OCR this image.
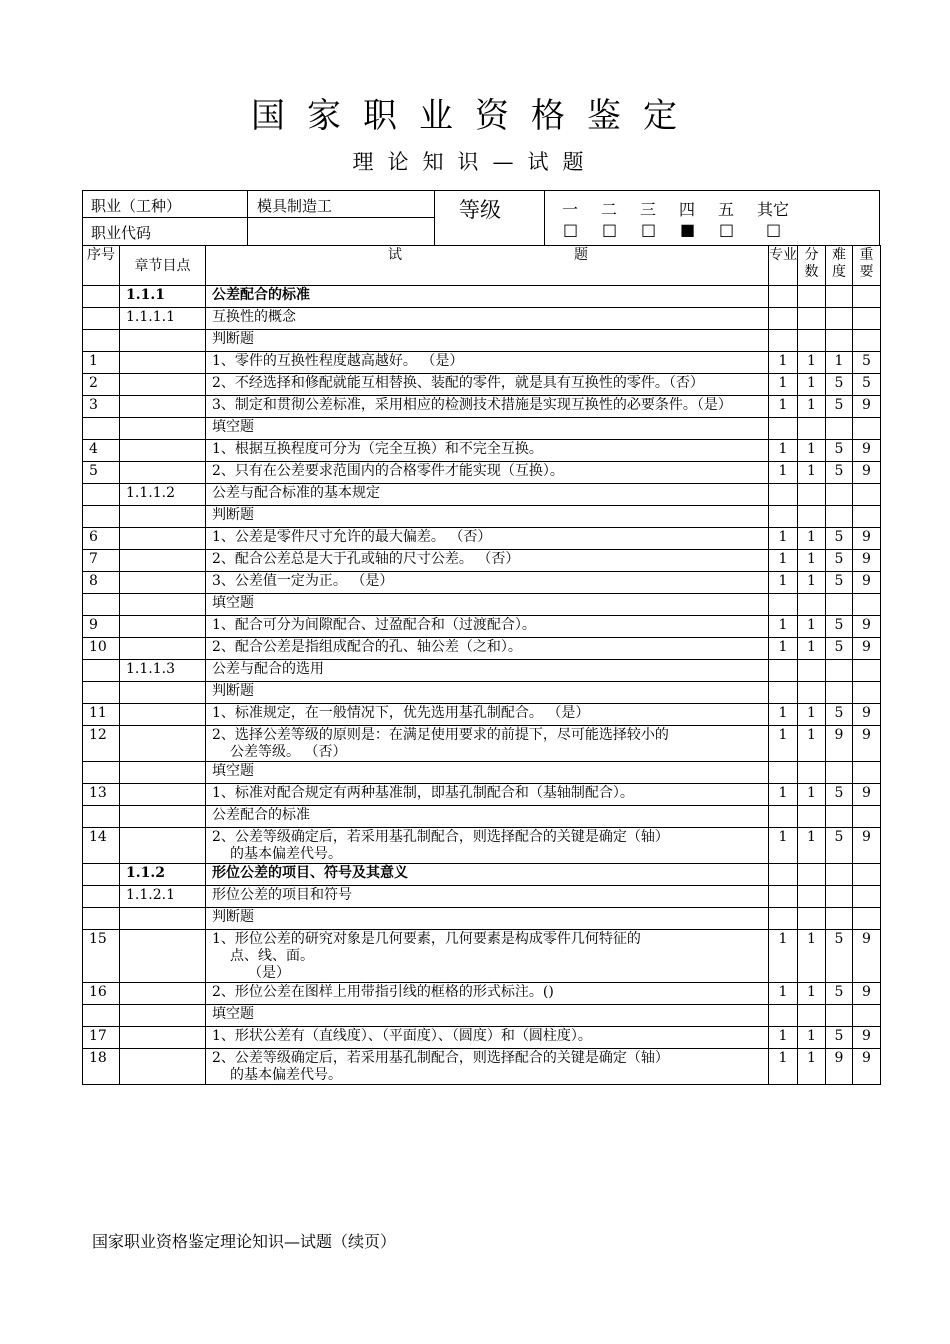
国家职业资格鉴定
理论知识—试题
职业（工种）	模具制造工
职业代码
等级	一 二 三 四 五 其它
□ □ □ ■ □ □
序号	章节目点	试 题	专业	分数	难度	重要
	1.1.1	公差配合的标准				
	1.1.1.1	互换性的概念				
		判断题				
1		1、零件的互换性程度越高越好。 （是）	1	1	1	5
2		2、不经选择和修配就能互相替换、装配的零件，就是具有互换性的零件。（否）	1	1	5	5
3		3、制定和贯彻公差标准，采用相应的检测技术措施是实现互换性的必要条件。（是）	1	1	5	9
		填空题				
4		1、根据互换程度可分为（完全互换）和不完全互换。	1	1	5	9
5		2、只有在公差要求范围内的合格零件才能实现（互换）。	1	1	5	9
	1.1.1.2	公差与配合标准的基本规定				
		判断题				
6		1、公差是零件尺寸允许的最大偏差。 （否）	1	1	5	9
7		2、配合公差总是大于孔或轴的尺寸公差。 （否）	1	1	5	9
8		3、公差值一定为正。 （是）	1	1	5	9
		填空题				
9		1、配合可分为间隙配合、过盈配合和（过渡配合）。	1	1	5	9
10		2、配合公差是指组成配合的孔、轴公差（之和）。	1	1	5	9
	1.1.1.3	公差与配合的选用				
		判断题				
11		1、标准规定，在一般情况下，优先选用基孔制配合。 （是）	1	1	5	9
12		2、选择公差等级的原则是：在满足使用要求的前提下，尽可能选择较小的
公差等级。 （否）	1	1	9	9
		填空题				
13		1、标准对配合规定有两种基准制，即基孔制配合和（基轴制配合）。	1	1	5	9
		公差配合的标准				
14		2、公差等级确定后，若采用基孔制配合，则选择配合的关键是确定（轴）
的基本偏差代号。	1	1	5	9
	1.1.2	形位公差的项目、符号及其意义				
	1.1.2.1	形位公差的项目和符号				
		判断题				
15		1、形位公差的研究对象是几何要素，几何要素是构成零件几何特征的
点、线、面。
（是）	1	1	5	9
16		2、形位公差在图样上用带指引线的框格的形式标注。()	1	1	5	9
		填空题				
17		1、形状公差有（直线度）、（平面度）、（圆度）和（圆柱度）。	1	1	5	9
18		2、公差等级确定后，若采用基孔制配合，则选择配合的关键是确定（轴）
的基本偏差代号。	1	1	9	9
国家职业资格鉴定理论知识—试题（续页）
